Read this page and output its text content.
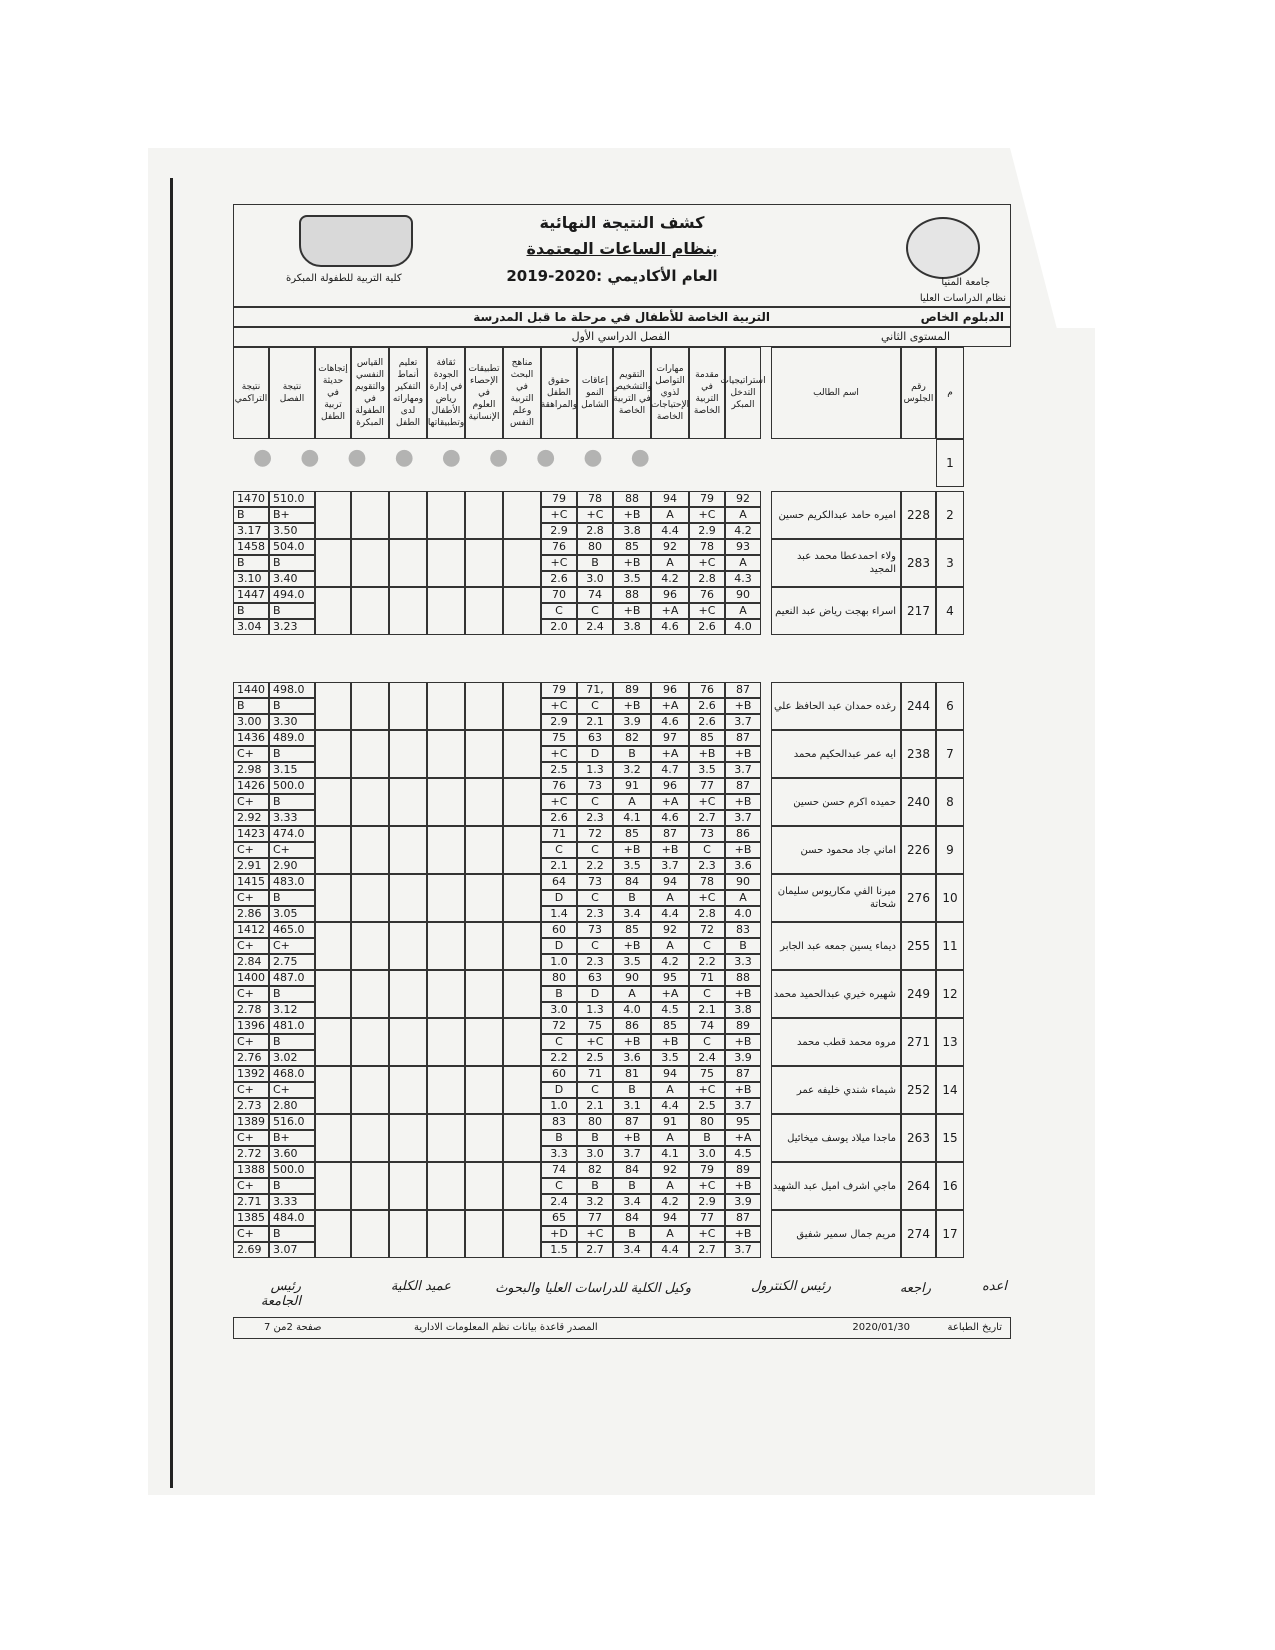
جامعة المنيا
نظام الدراسات العليا
كلية التربية للطفولة المبكرة
كشف النتيجة النهائية
بنظام الساعات المعتمدة
العام الأكاديمي :2020-2019
الدبلوم الخاص
التربية الخاصة للأطفال في مرحلة ما قبل المدرسة
المستوى الثاني
الفصل الدراسي الأول
م
رقم الجلوس
اسم الطالب
نتيجة الفصل
نتيجة التراكمي
استراتيجيات التدخل المبكر
مقدمة في التربية الخاصة
مهارات التواصل لذوي الإحتياجات الخاصة
التقويم والتشخيص في التربية الخاصة
إعاقات النمو الشامل
حقوق الطفل والمراهقة
مناهج البحث في التربية وعلم النفس
تطبيقات الإحصاء في العلوم الإنسانية
ثقافة الجودة في إدارة رياض الأطفال وتطبيقاتها
تعليم أنماط التفكير ومهاراته لدى الطفل
القياس النفسي والتقويم في الطفولة المبكرة
إتجاهات حديثة في تربية الطفل
●●●●●●●●●	1
2
228
اميره حامد عبدالكريم حسين
92
A
4.2
79
+C
2.9
94
A
4.4
88
+B
3.8
78
+C
2.8
79
+C
2.9
510.0
B+
3.50
1470
B
3.17
3
283
ولاء احمدعطا محمد عبد المجيد
93
A
4.3
78
+C
2.8
92
A
4.2
85
+B
3.5
80
B
3.0
76
+C
2.6
504.0
B
3.40
1458
B
3.10
4
217
اسراء بهجت رياض عبد النعيم
90
A
4.0
76
+C
2.6
96
+A
4.6
88
+B
3.8
74
C
2.4
70
C
2.0
494.0
B
3.23
1447
B
3.04
6
244
رغده حمدان عبد الحافظ علي
87
+B
3.7
76
2.6
2.6
96
+A
4.6
89
+B
3.9
71,
C
2.1
79
+C
2.9
498.0
B
3.30
1440
B
3.00
7
238
ايه عمر عبدالحكيم محمد
87
+B
3.7
85
+B
3.5
97
+A
4.7
82
B
3.2
63
D
1.3
75
+C
2.5
489.0
B
3.15
1436
C+
2.98
8
240
حميده اكرم حسن حسين
87
+B
3.7
77
+C
2.7
96
+A
4.6
91
A
4.1
73
C
2.3
76
+C
2.6
500.0
B
3.33
1426
C+
2.92
9
226
اماني جاد محمود حسن
86
+B
3.6
73
C
2.3
87
+B
3.7
85
+B
3.5
72
C
2.2
71
C
2.1
474.0
C+
2.90
1423
C+
2.91
10
276
ميرنا الفي مكاريوس سليمان شحاتة
90
A
4.0
78
+C
2.8
94
A
4.4
84
B
3.4
73
C
2.3
64
D
1.4
483.0
B
3.05
1415
C+
2.86
11
255
ديماء يسين جمعه عبد الجابر
83
B
3.3
72
C
2.2
92
A
4.2
85
+B
3.5
73
C
2.3
60
D
1.0
465.0
C+
2.75
1412
C+
2.84
12
249
شهيره خيري عبدالحميد محمد
88
+B
3.8
71
C
2.1
95
+A
4.5
90
A
4.0
63
D
1.3
80
B
3.0
487.0
B
3.12
1400
C+
2.78
13
271
مروه محمد قطب محمد
89
+B
3.9
74
C
2.4
85
+B
3.5
86
+B
3.6
75
+C
2.5
72
C
2.2
481.0
B
3.02
1396
C+
2.76
14
252
شيماء شندي خليفه عمر
87
+B
3.7
75
+C
2.5
94
A
4.4
81
B
3.1
71
C
2.1
60
D
1.0
468.0
C+
2.80
1392
C+
2.73
15
263
ماجدا ميلاد يوسف ميخائيل
95
+A
4.5
80
B
3.0
91
A
4.1
87
+B
3.7
80
B
3.0
83
B
3.3
516.0
B+
3.60
1389
C+
2.72
16
264
ماجي اشرف اميل عبد الشهيد
89
+B
3.9
79
+C
2.9
92
A
4.2
84
B
3.4
82
B
3.2
74
C
2.4
500.0
B
3.33
1388
C+
2.71
17
274
مريم جمال سمير شفيق
87
+B
3.7
77
+C
2.7
94
A
4.4
84
B
3.4
77
+C
2.7
65
+D
1.5
484.0
B
3.07
1385
C+
2.69
اعده
راجعه
رئيس الكنترول
وكيل الكلية للدراسات العليا والبحوث
عميد الكلية
رئيس الجامعة
تاريخ الطباعة
2020/01/30
المصدر قاعدة بيانات نظم المعلومات الادارية
صفحة 2من 7
